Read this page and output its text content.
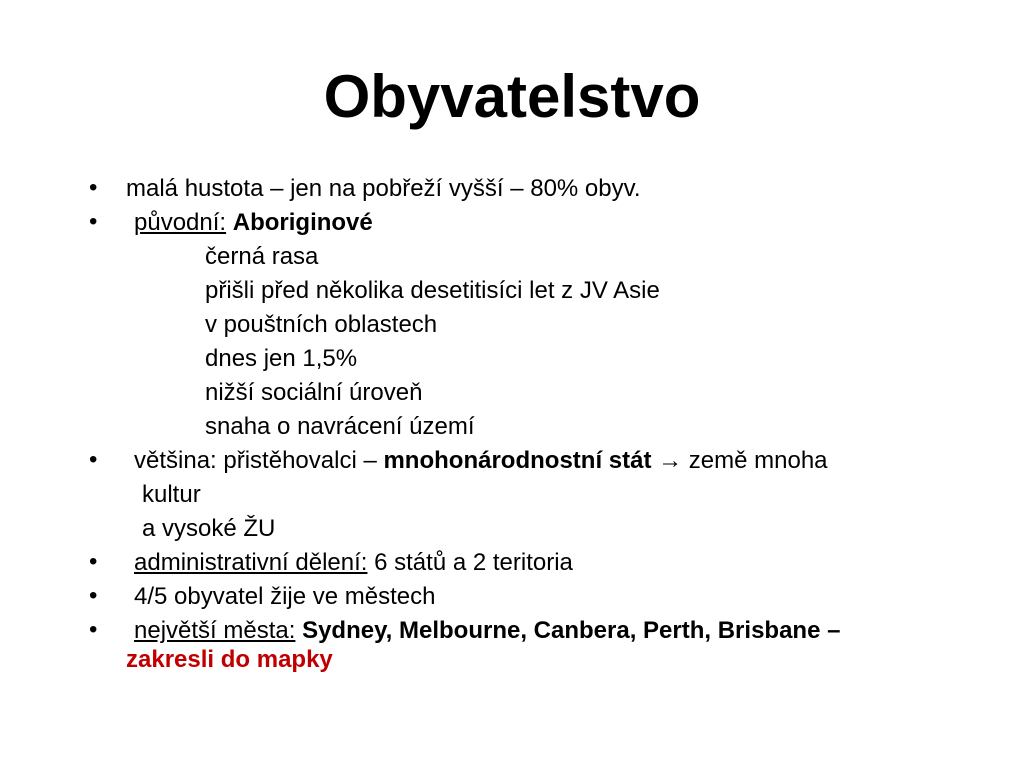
Obyvatelstvo
• malá hustota – jen na pobřeží vyšší – 80% obyv.
• původní: Aboriginové
černá rasa
přišli před několika desetitisíci let z JV Asie
v pouštních oblastech
dnes jen 1,5%
nižší sociální úroveň
snaha o navrácení území
• většina: přistěhovalci – mnohonárodnostní stát → země mnoha
kultur
a vysoké ŽU
• administrativní dělení: 6 států a 2 teritoria
• 4/5 obyvatel žije ve městech
• největší města: Sydney, Melbourne, Canbera, Perth, Brisbane –
zakresli do mapky
